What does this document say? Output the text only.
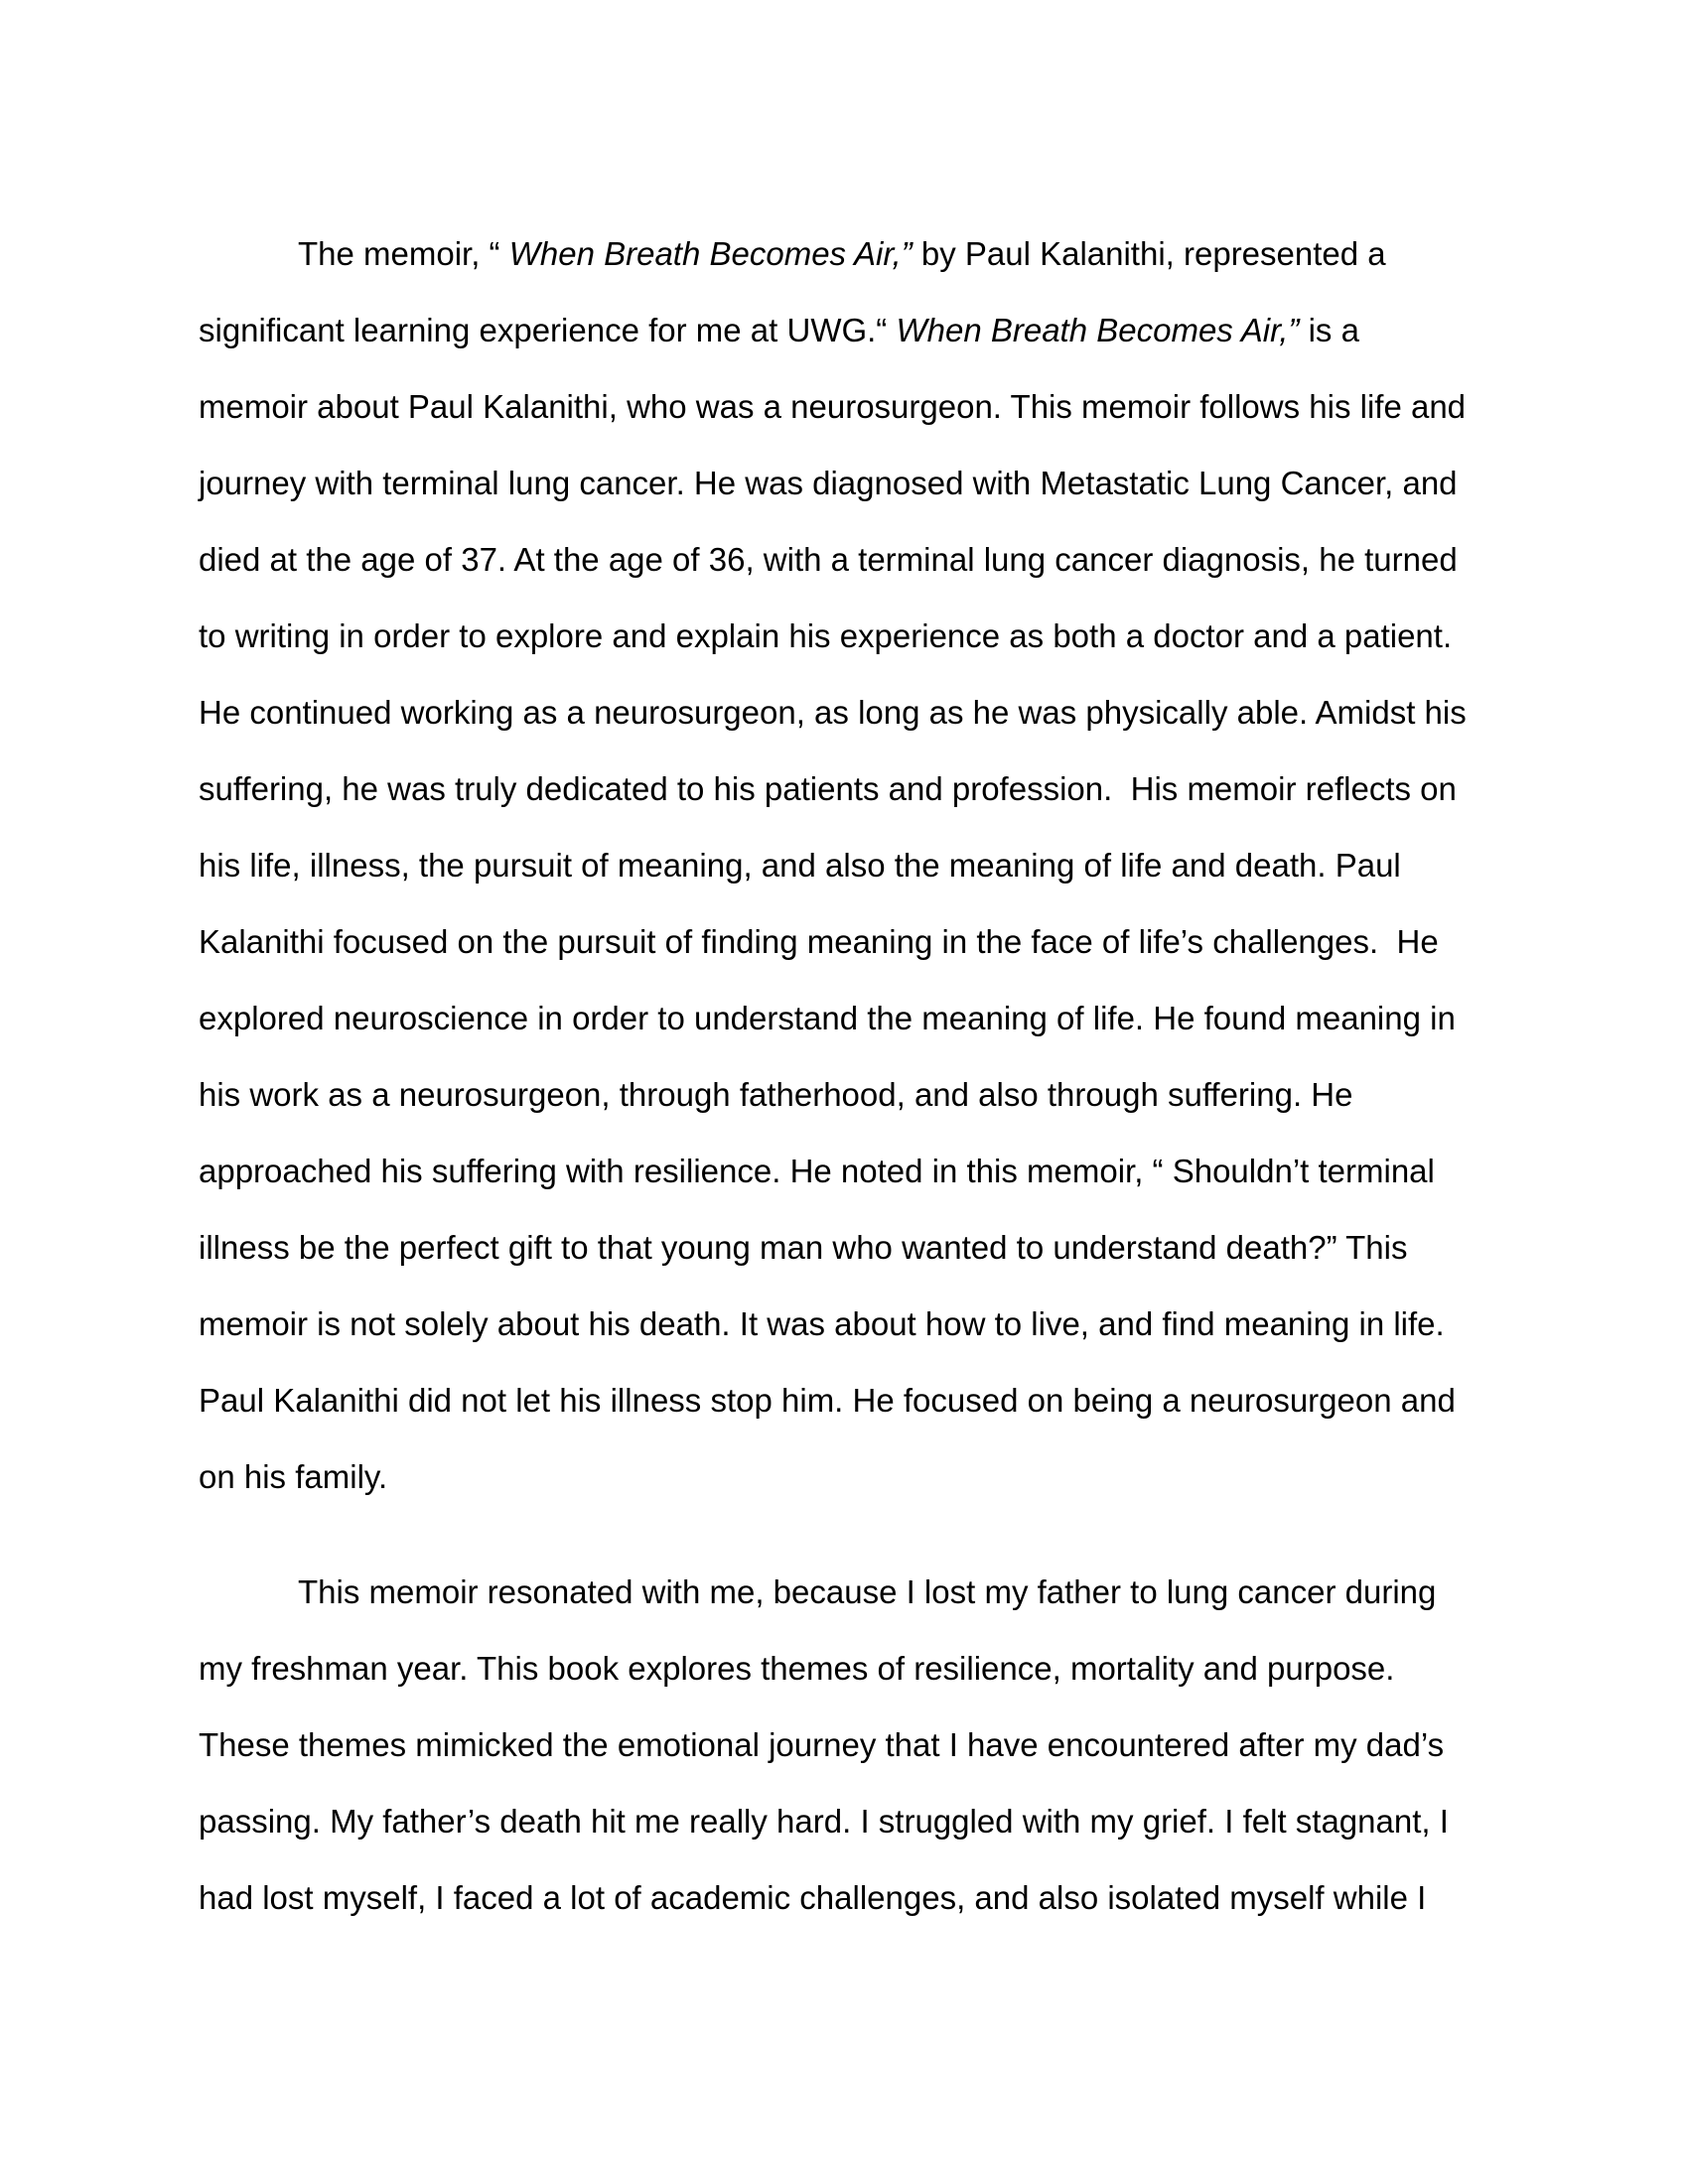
The memoir, “ When Breath Becomes Air,” by Paul Kalanithi, represented a
significant learning experience for me at UWG.“ When Breath Becomes Air,” is a
memoir about Paul Kalanithi, who was a neurosurgeon. This memoir follows his life and
journey with terminal lung cancer. He was diagnosed with Metastatic Lung Cancer, and
died at the age of 37. At the age of 36, with a terminal lung cancer diagnosis, he turned
to writing in order to explore and explain his experience as both a doctor and a patient.
He continued working as a neurosurgeon, as long as he was physically able. Amidst his
suffering, he was truly dedicated to his patients and profession.  His memoir reflects on
his life, illness, the pursuit of meaning, and also the meaning of life and death. Paul
Kalanithi focused on the pursuit of finding meaning in the face of life’s challenges.  He
explored neuroscience in order to understand the meaning of life. He found meaning in
his work as a neurosurgeon, through fatherhood, and also through suffering. He
approached his suffering with resilience. He noted in this memoir, “ Shouldn’t terminal
illness be the perfect gift to that young man who wanted to understand death?” This
memoir is not solely about his death. It was about how to live, and find meaning in life.
Paul Kalanithi did not let his illness stop him. He focused on being a neurosurgeon and
on his family.
This memoir resonated with me, because I lost my father to lung cancer during
my freshman year. This book explores themes of resilience, mortality and purpose.
These themes mimicked the emotional journey that I have encountered after my dad’s
passing. My father’s death hit me really hard. I struggled with my grief. I felt stagnant, I
had lost myself, I faced a lot of academic challenges, and also isolated myself while I
